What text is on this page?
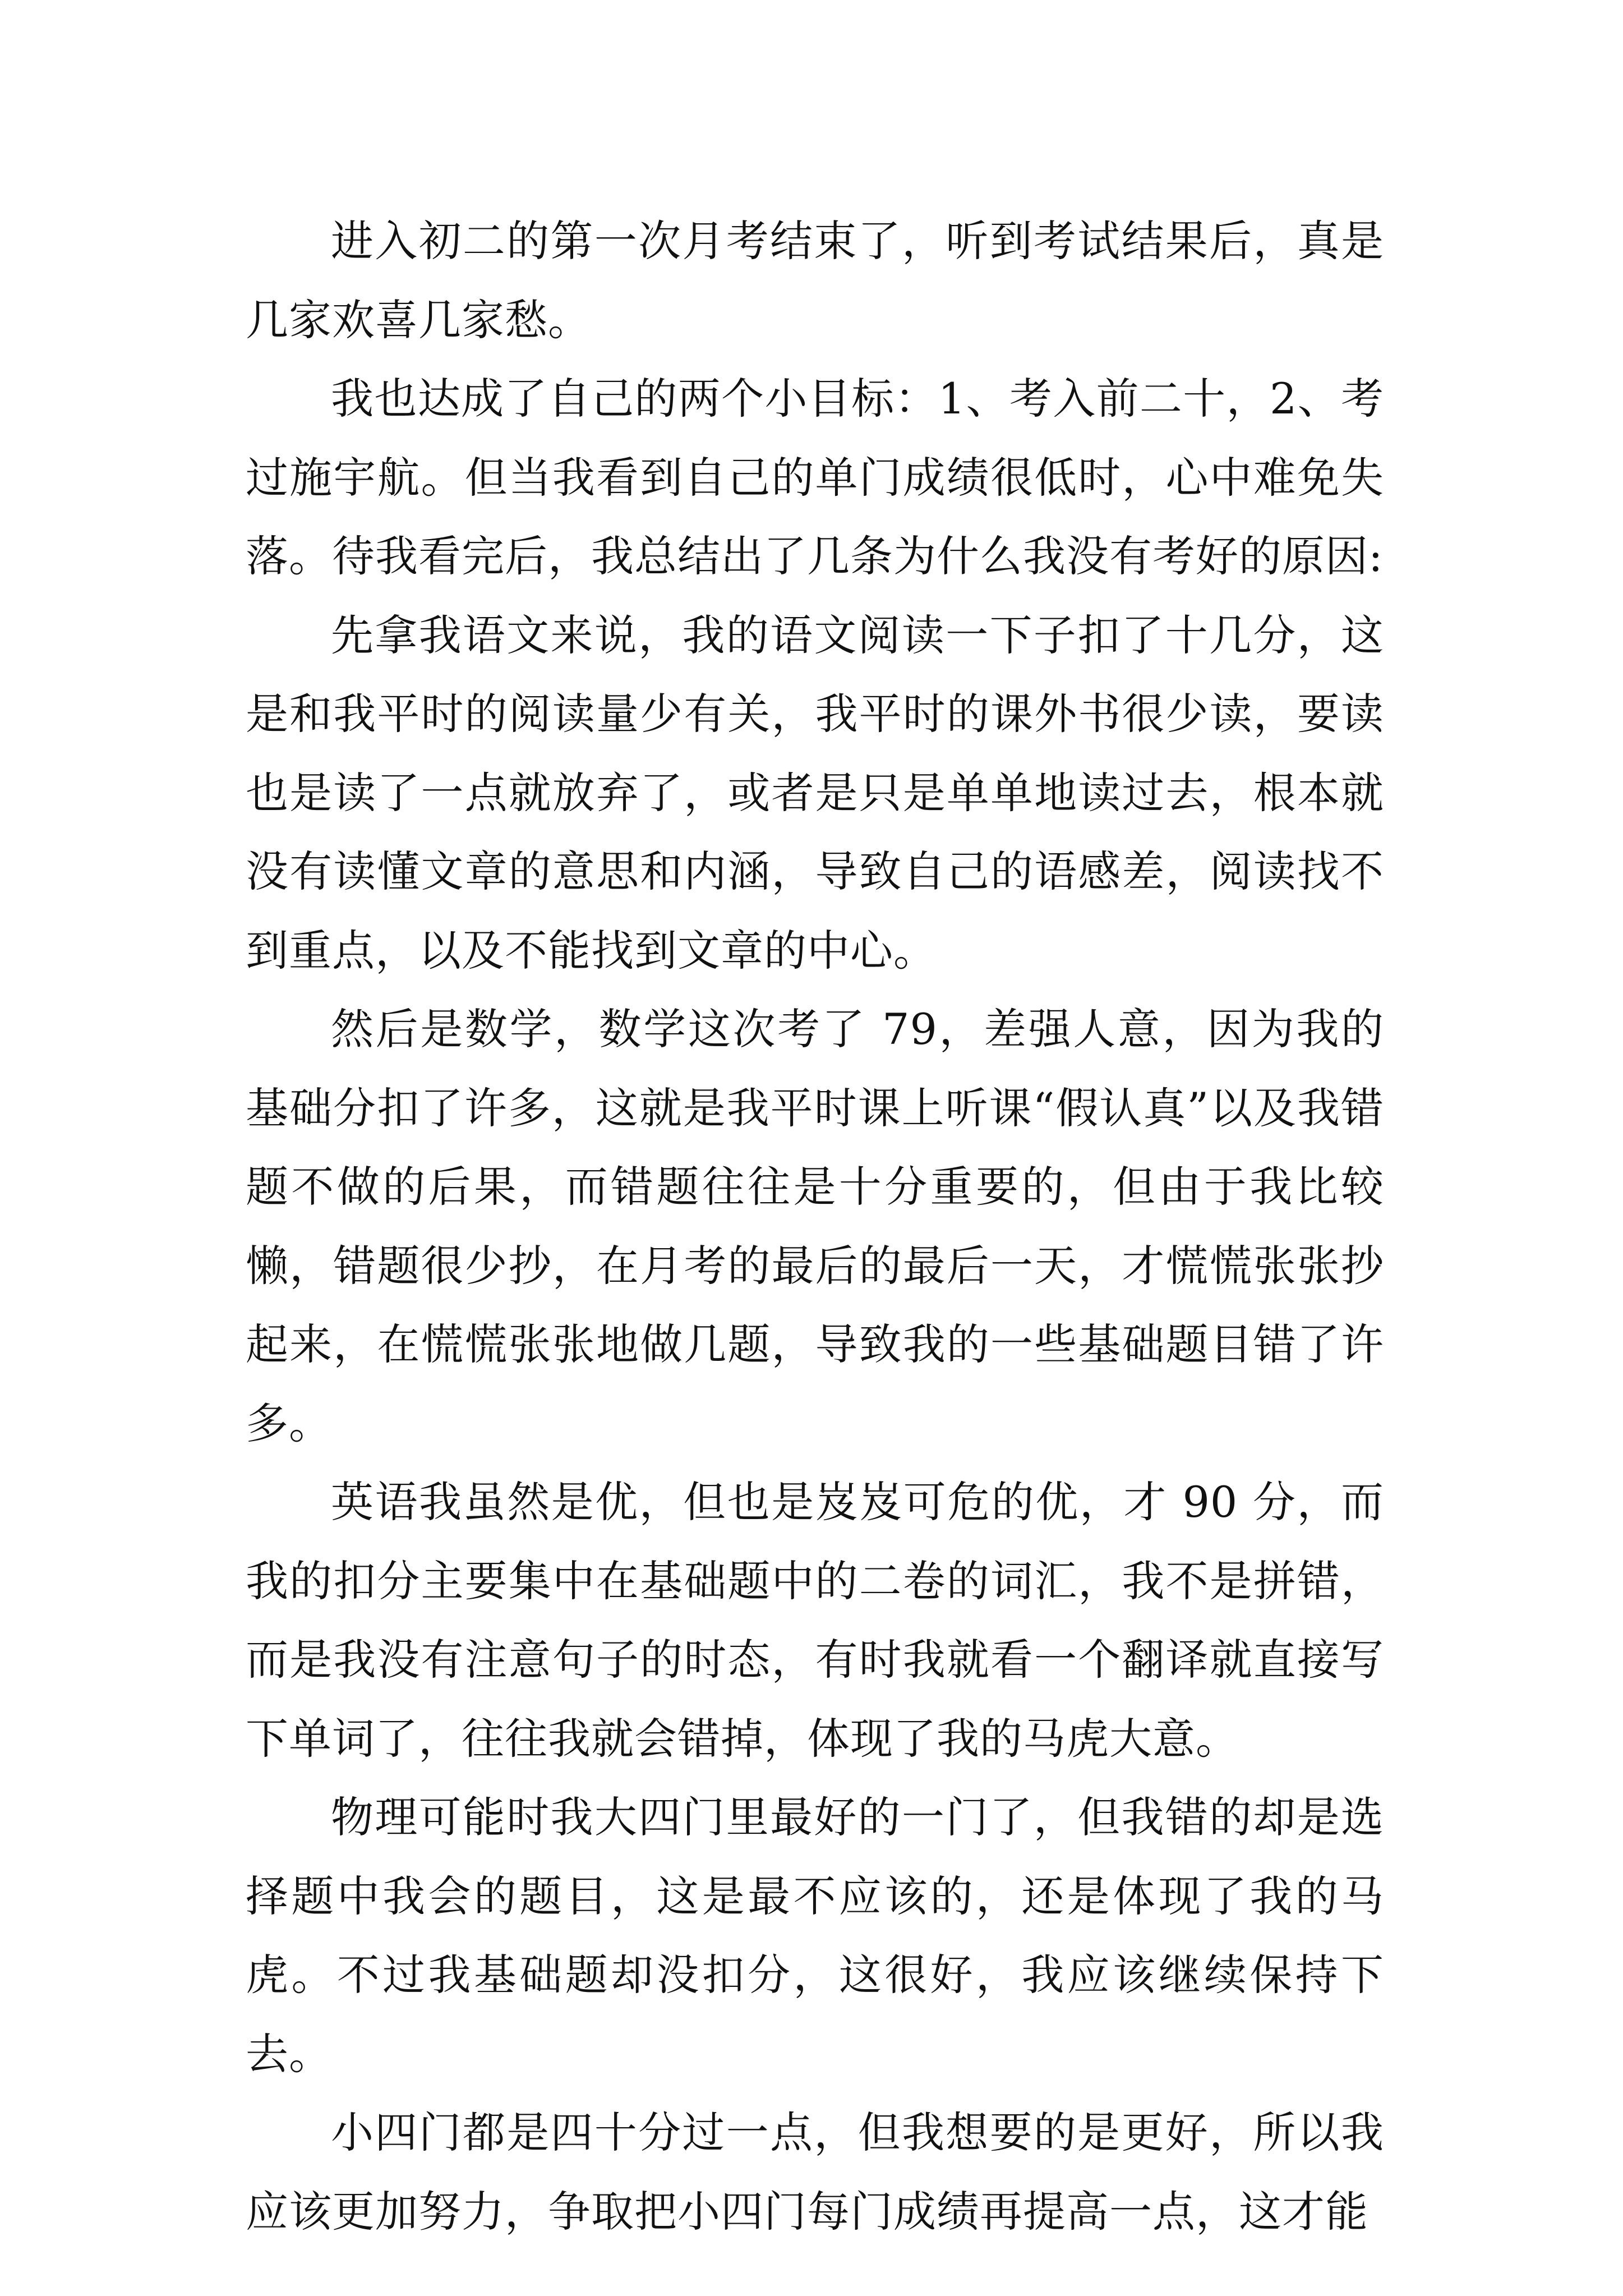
进入初二的第一次月考结束了，听到考试结果后，真是几家欢喜几家愁。

我也达成了自己的两个小目标：1、考入前二十，2、考过施宇航。但当我看到自己的单门成绩很低时，心中难免失落。待我看完后，我总结出了几条为什么我没有考好的原因:

先拿我语文来说，我的语文阅读一下子扣了十几分，这是和我平时的阅读量少有关，我平时的课外书很少读，要读也是读了一点就放弃了，或者是只是单单地读过去，根本就没有读懂文章的意思和内涵，导致自己的语感差，阅读找不到重点，以及不能找到文章的中心。

然后是数学，数学这次考了 79，差强人意，因为我的基础分扣了许多，这就是我平时课上听课“假认真”以及我错题不做的后果，而错题往往是十分重要的，但由于我比较懒，错题很少抄，在月考的最后的最后一天，才慌慌张张抄起来，在慌慌张张地做几题，导致我的一些基础题目错了许多。

英语我虽然是优，但也是岌岌可危的优，才 90 分，而我的扣分主要集中在基础题中的二卷的词汇，我不是拼错，而是我没有注意句子的时态，有时我就看一个翻译就直接写下单词了，往往我就会错掉，体现了我的马虎大意。

物理可能时我大四门里最好的一门了，但我错的却是选择题中我会的题目，这是最不应该的，还是体现了我的马虎。不过我基础题却没扣分，这很好，我应该继续保持下去。

小四门都是四十分过一点，但我想要的是更好，所以我应该更加努力，争取把小四门每门成绩再提高一点，这才能
